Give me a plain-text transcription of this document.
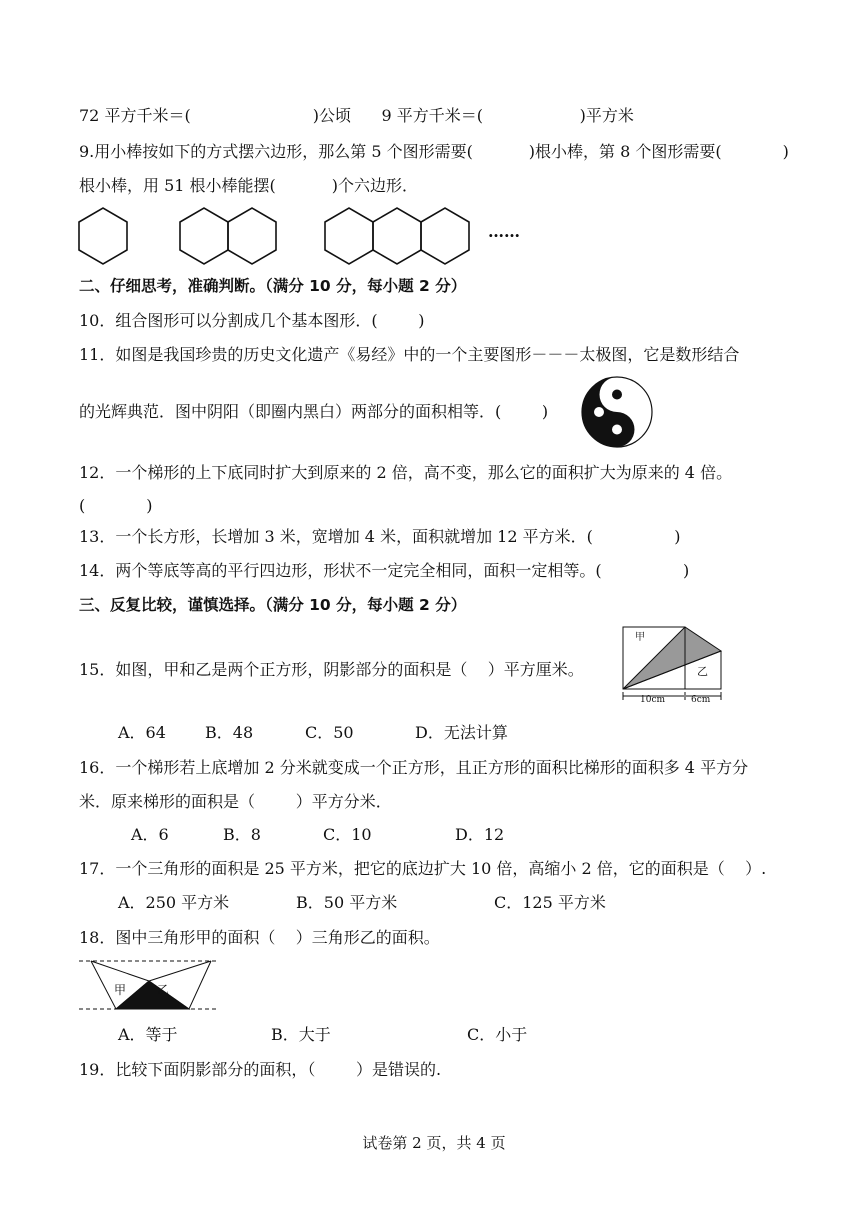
72 平方千米＝(                        )公顷      9 平方千米＝(                   )平方米
9.用小棒按如下的方式摆六边形，那么第 5 个图形需要(           )根小棒，第 8 个图形需要(            )
根小棒，用 51 根小棒能摆(           )个六边形．
……
二、仔细思考，准确判断。（满分 10 分，每小题 2 分）
10．组合图形可以分割成几个基本图形．(        )
11．如图是我国珍贵的历史文化遗产《易经》中的一个主要图形－－－太极图，它是数形结合
的光辉典范．图中阴阳（即圈内黑白）两部分的面积相等．(        )
12．一个梯形的上下底同时扩大到原来的 2 倍，高不变，那么它的面积扩大为原来的 4 倍。
(            )
13．一个长方形，长增加 3 米，宽增加 4 米，面积就增加 12 平方米．(                )
14．两个等底等高的平行四边形，形状不一定完全相同，面积一定相等。(                )
三、反复比较，谨慎选择。（满分 10 分，每小题 2 分）
15．如图，甲和乙是两个正方形，阴影部分的面积是（    ）平方厘米。
甲
乙
10cm	6cm
A．64 B．48	C．50	D．无法计算
16．一个梯形若上底增加 2 分米就变成一个正方形，且正方形的面积比梯形的面积多 4 平方分
米．原来梯形的面积是（        ）平方分米．
A．6	B．8	C．10	D．12
17．一个三角形的面积是 25 平方米，把它的底边扩大 10 倍，高缩小 2 倍，它的面积是（    ）.
A．250 平方米	B．50 平方米	C．125 平方米
18．图中三角形甲的面积（    ）三角形乙的面积。
甲	乙
A．等于	B．大于	C．小于
19．比较下面阴影部分的面积，（        ）是错误的.
试卷第 2 页，共 4 页
